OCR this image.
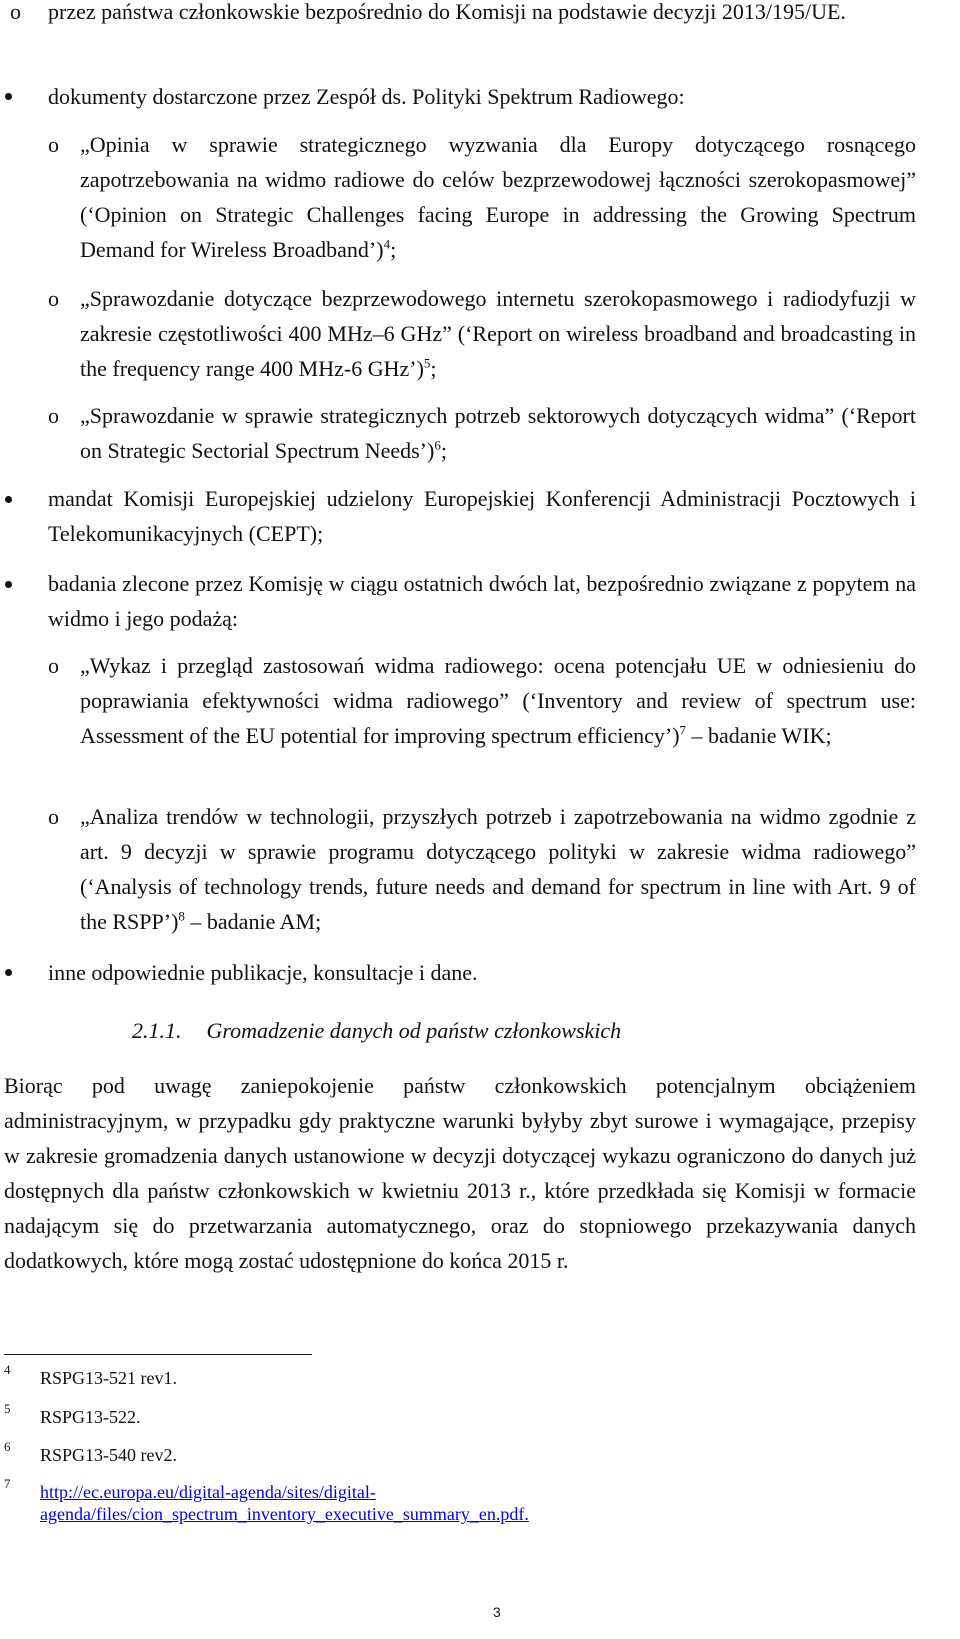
o przez państwa członkowskie bezpośrednio do Komisji na podstawie decyzji 2013/195/UE.
dokumenty dostarczone przez Zespół ds. Polityki Spektrum Radiowego:
o „Opinia w sprawie strategicznego wyzwania dla Europy dotyczącego rosnącego zapotrzebowania na widmo radiowe do celów bezprzewodowej łączności szerokopasmowej” (‘Opinion on Strategic Challenges facing Europe in addressing the Growing Spectrum Demand for Wireless Broadband’)$^4$;
o „Sprawozdanie dotyczące bezprzewodowego internetu szerokopasmowego i radiodyfuzji w zakresie częstotliwości 400 MHz–6 GHz” (‘Report on wireless broadband and broadcasting in the frequency range 400 MHz-6 GHz’)$^5$;
o „Sprawozdanie w sprawie strategicznych potrzeb sektorowych dotyczących widma” (‘Report on Strategic Sectorial Spectrum Needs’)$^6$;
mandat Komisji Europejskiej udzielony Europejskiej Konferencji Administracji Pocztowych i Telekomunikacyjnych (CEPT);
badania zlecone przez Komisję w ciągu ostatnich dwóch lat, bezpośrednio związane z popytem na widmo i jego podażą:
o „Wykaz i przegląd zastosowań widma radiowego: ocena potencjału UE w odniesieniu do poprawiania efektywności widma radiowego” (‘Inventory and review of spectrum use: Assessment of the EU potential for improving spectrum efficiency’)$^7$ – badanie WIK;
o „Analiza trendów w technologii, przyszłych potrzeb i zapotrzebowania na widmo zgodnie z art. 9 decyzji w sprawie programu dotyczącego polityki w zakresie widma radiowego” (‘Analysis of technology trends, future needs and demand for spectrum in line with Art. 9 of the RSPP’)$^8$ – badanie AM;
inne odpowiednie publikacje, konsultacje i dane.
2.1.1. Gromadzenie danych od państw członkowskich
Biorąc pod uwagę zaniepokojenie państw członkowskich potencjalnym obciążeniem administracyjnym, w przypadku gdy praktyczne warunki byłyby zbyt surowe i wymagające, przepisy w zakresie gromadzenia danych ustanowione w decyzji dotyczącej wykazu ograniczono do danych już dostępnych dla państw członkowskich w kwietniu 2013 r., które przedkłada się Komisji w formacie nadającym się do przetwarzania automatycznego, oraz do stopniowego przekazywania danych dodatkowych, które mogą zostać udostępnione do końca 2015 r.
4 RSPG13-521 rev1.
5 RSPG13-522.
6 RSPG13-540 rev2.
7 http://ec.europa.eu/digital-agenda/sites/digital-agenda/files/cion_spectrum_inventory_executive_summary_en.pdf.
3
